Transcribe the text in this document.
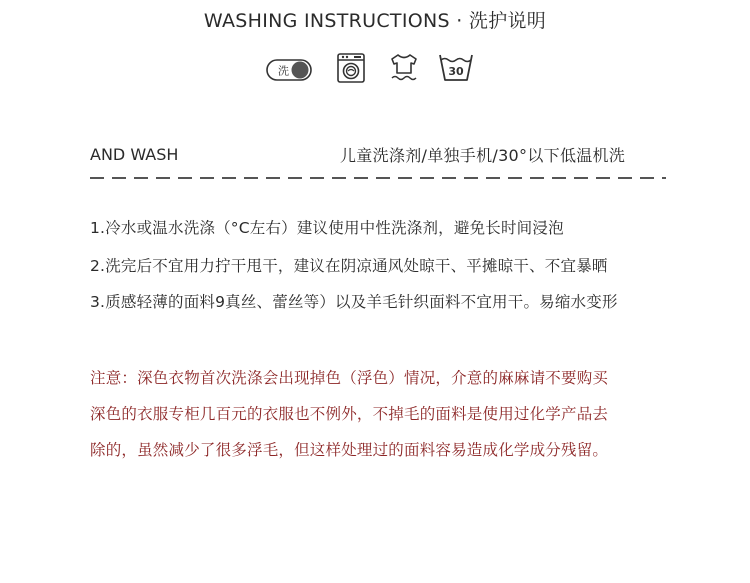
WASHING INSTRUCTIONS · 洗护说明
洗	30
AND WASH	儿童洗涤剂/单独手机/30°以下低温机洗
1.冷水或温水洗涤（°C左右）建议使用中性洗涤剂，避免长时间浸泡
2.洗完后不宜用力拧干甩干，建议在阴凉通风处晾干、平摊晾干、不宜暴晒
3.质感轻薄的面料9真丝、蕾丝等）以及羊毛针织面料不宜用干。易缩水变形
注意：深色衣物首次洗涤会出现掉色（浮色）情况，介意的麻麻请不要购买
深色的衣服专柜几百元的衣服也不例外，不掉毛的面料是使用过化学产品去
除的，虽然减少了很多浮毛，但这样处理过的面料容易造成化学成分残留。
